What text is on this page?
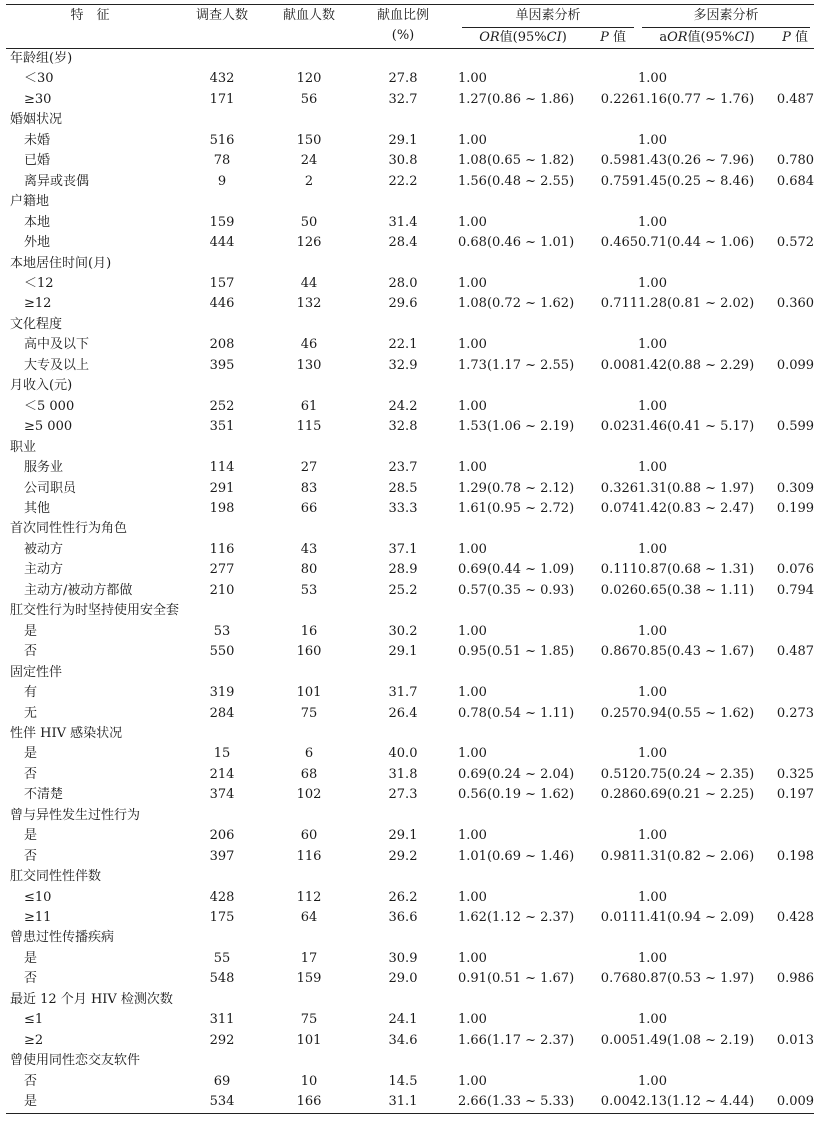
特　征	调查人数	献血人数	献血比例
(%)	单因素分析		多因素分析	

				OR值(95%CI)	P 值	aOR值(95%CI)	P 值
年龄组(岁)							
＜30	432	120	27.8	1.00		1.00	
≥30	171	56	32.7	1.27(0.86 ~ 1.86)	0.226	1.16(0.77 ~ 1.76)	0.487
婚姻状况							
未婚	516	150	29.1	1.00		1.00	
已婚	78	24	30.8	1.08(0.65 ~ 1.82)	0.598	1.43(0.26 ~ 7.96)	0.780
离异或丧偶	9	2	22.2	1.56(0.48 ~ 2.55)	0.759	1.45(0.25 ~ 8.46)	0.684
户籍地							
本地	159	50	31.4	1.00		1.00	
外地	444	126	28.4	0.68(0.46 ~ 1.01)	0.465	0.71(0.44 ~ 1.06)	0.572
本地居住时间(月)							
＜12	157	44	28.0	1.00		1.00	
≥12	446	132	29.6	1.08(0.72 ~ 1.62)	0.711	1.28(0.81 ~ 2.02)	0.360
文化程度							
高中及以下	208	46	22.1	1.00		1.00	
大专及以上	395	130	32.9	1.73(1.17 ~ 2.55)	0.008	1.42(0.88 ~ 2.29)	0.099
月收入(元)							
＜5 000	252	61	24.2	1.00		1.00	
≥5 000	351	115	32.8	1.53(1.06 ~ 2.19)	0.023	1.46(0.41 ~ 5.17)	0.599
职业							
服务业	114	27	23.7	1.00		1.00	
公司职员	291	83	28.5	1.29(0.78 ~ 2.12)	0.326	1.31(0.88 ~ 1.97)	0.309
其他	198	66	33.3	1.61(0.95 ~ 2.72)	0.074	1.42(0.83 ~ 2.47)	0.199
首次同性性行为角色							
被动方	116	43	37.1	1.00		1.00	
主动方	277	80	28.9	0.69(0.44 ~ 1.09)	0.111	0.87(0.68 ~ 1.31)	0.076
主动方/被动方都做	210	53	25.2	0.57(0.35 ~ 0.93)	0.026	0.65(0.38 ~ 1.11)	0.794
肛交性行为时坚持使用安全套							
是	53	16	30.2	1.00		1.00	
否	550	160	29.1	0.95(0.51 ~ 1.85)	0.867	0.85(0.43 ~ 1.67)	0.487
固定性伴							
有	319	101	31.7	1.00		1.00	
无	284	75	26.4	0.78(0.54 ~ 1.11)	0.257	0.94(0.55 ~ 1.62)	0.273
性伴 HIV 感染状况							
是	15	6	40.0	1.00		1.00	
否	214	68	31.8	0.69(0.24 ~ 2.04)	0.512	0.75(0.24 ~ 2.35)	0.325
不清楚	374	102	27.3	0.56(0.19 ~ 1.62)	0.286	0.69(0.21 ~ 2.25)	0.197
曾与异性发生过性行为							
是	206	60	29.1	1.00		1.00	
否	397	116	29.2	1.01(0.69 ~ 1.46)	0.981	1.31(0.82 ~ 2.06)	0.198
肛交同性性伴数							
≤10	428	112	26.2	1.00		1.00	
≥11	175	64	36.6	1.62(1.12 ~ 2.37)	0.011	1.41(0.94 ~ 2.09)	0.428
曾患过性传播疾病							
是	55	17	30.9	1.00		1.00	
否	548	159	29.0	0.91(0.51 ~ 1.67)	0.768	0.87(0.53 ~ 1.97)	0.986
最近 12 个月 HIV 检测次数							
≤1	311	75	24.1	1.00		1.00	
≥2	292	101	34.6	1.66(1.17 ~ 2.37)	0.005	1.49(1.08 ~ 2.19)	0.013
曾使用同性恋交友软件							
否	69	10	14.5	1.00		1.00	
是	534	166	31.1	2.66(1.33 ~ 5.33)	0.004	2.13(1.12 ~ 4.44)	0.009
